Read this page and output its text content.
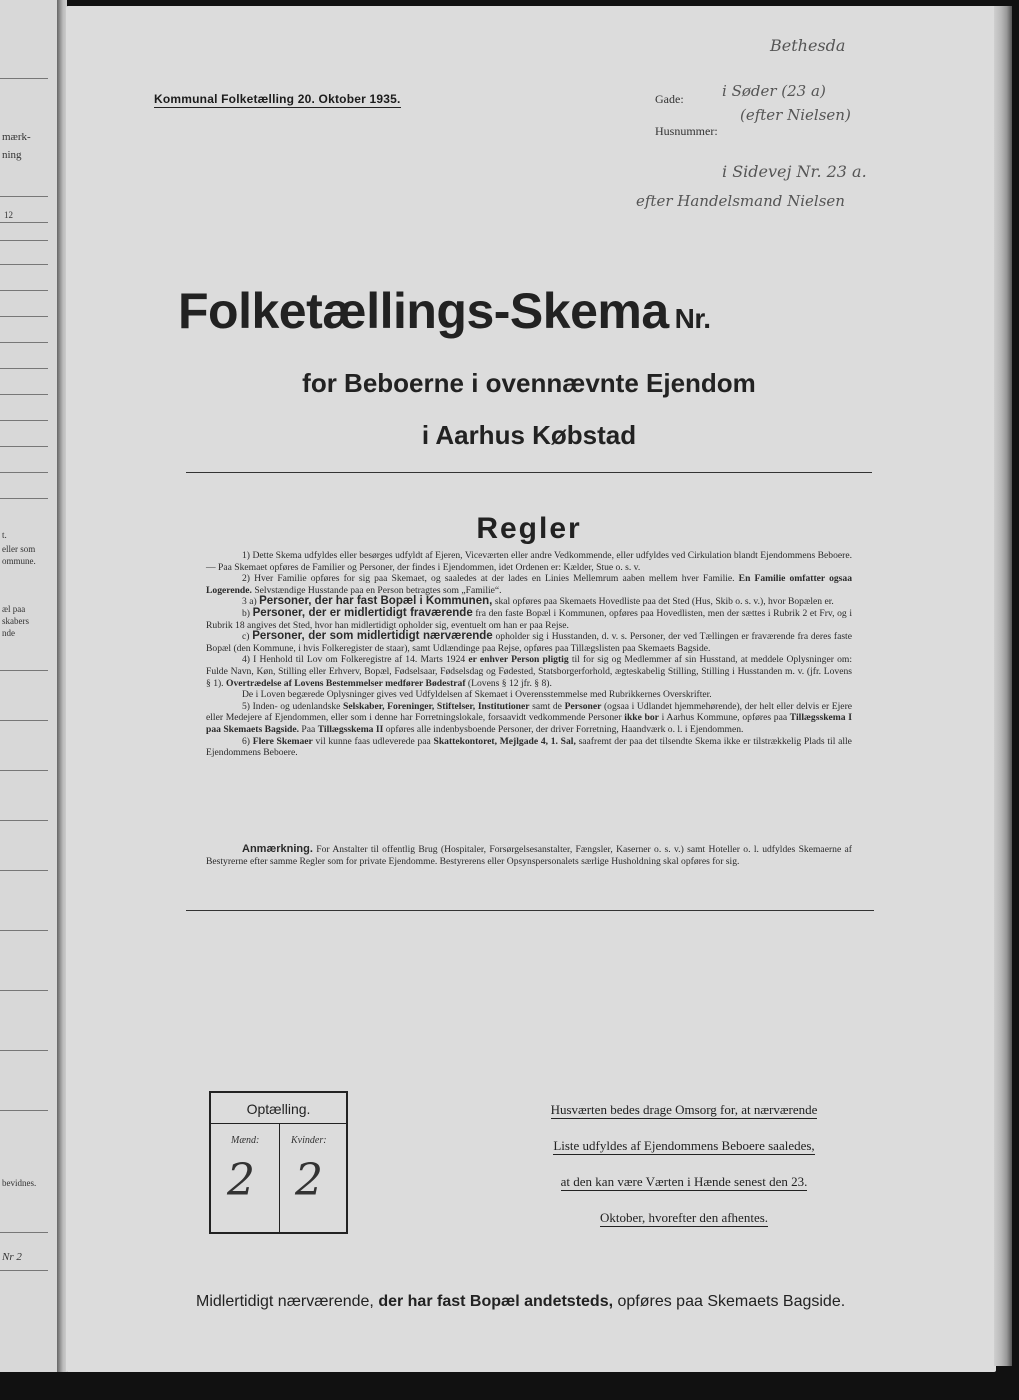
mærk-
ning
12
t.
eller som
ommune.
æl paa
skabers
nde
bevidnes.
Nr 2
Kommunal Folketælling 20. Oktober 1935.	Gade:
Husnummer:
Bethesda
i Søder (23 a)
(efter Nielsen)
i Sidevej Nr. 23 a.
efter Handelsmand Nielsen
Folketællings-Skema Nr.
for Beboerne i ovennævnte Ejendom
i Aarhus Købstad
Regler

1) Dette Skema udfyldes eller besørges udfyldt af Ejeren, Viceværten eller andre Vedkommende, eller udfyldes ved Cirkulation blandt Ejendommens Beboere. — Paa Skemaet opføres de Familier og Personer, der findes i Ejendommen, idet Ordenen er: Kælder, Stue o. s. v.

2) Hver Familie opføres for sig paa Skemaet, og saaledes at der lades en Linies Mellemrum aaben mellem hver Familie. En Familie omfatter ogsaa Logerende. Selvstændige Husstande paa en Person betragtes som „Familie“.

3 a) Personer, der har fast Bopæl i Kommunen, skal opføres paa Skemaets Hovedliste paa det Sted (Hus, Skib o. s. v.), hvor Bopælen er.

b) Personer, der er midlertidigt fraværende fra den faste Bopæl i Kommunen, opføres paa Hovedlisten, men der sættes i Rubrik 2 et Frv, og i Rubrik 18 angives det Sted, hvor han midlertidigt opholder sig, eventuelt om han er paa Rejse.

c) Personer, der som midlertidigt nærværende opholder sig i Husstanden, d. v. s. Personer, der ved Tællingen er fraværende fra deres faste Bopæl (den Kommune, i hvis Folkeregister de staar), samt Udlændinge paa Rejse, opføres paa Tillægslisten paa Skemaets Bagside.

4) I Henhold til Lov om Folkeregistre af 14. Marts 1924 er enhver Person pligtig til for sig og Medlemmer af sin Husstand, at meddele Oplysninger om: Fulde Navn, Køn, Stilling eller Erhverv, Bopæl, Fødselsaar, Fødselsdag og Fødested, Statsborgerforhold, ægteskabelig Stilling, Stilling i Husstanden m. v. (jfr. Lovens § 1). Overtrædelse af Lovens Bestemmelser medfører Bødestraf (Lovens § 12 jfr. § 8).

De i Loven begærede Oplysninger gives ved Udfyldelsen af Skemaet i Overensstemmelse med Rubrikkernes Overskrifter.

5) Inden- og udenlandske Selskaber, Foreninger, Stiftelser, Institutioner samt de Personer (ogsaa i Udlandet hjemmehørende), der helt eller delvis er Ejere eller Medejere af Ejendommen, eller som i denne har Forretningslokale, forsaavidt vedkommende Personer ikke bor i Aarhus Kommune, opføres paa Tillægsskema I paa Skemaets Bagside. Paa Tillægsskema II opføres alle indenbysboende Personer, der driver Forretning, Haandværk o. l. i Ejendommen.

6) Flere Skemaer vil kunne faas udleverede paa Skattekontoret, Mejlgade 4, 1. Sal, saafremt der paa det tilsendte Skema ikke er tilstrækkelig Plads til alle Ejendommens Beboere.

Anmærkning. For Anstalter til offentlig Brug (Hospitaler, Forsørgelsesanstalter, Fængsler, Kaserner o. s. v.) samt Hoteller o. l. udfyldes Skemaerne af Bestyrerne efter samme Regler som for private Ejendomme. Bestyrerens eller Opsynspersonalets særlige Husholdning skal opføres for sig.
Optælling.
Mænd:	Kvinder:
2 2
Husværten bedes drage Omsorg for, at nærværende
Liste udfyldes af Ejendommens Beboere saaledes,
at den kan være Værten i Hænde senest den 23.
Oktober, hvorefter den afhentes.
Midlertidigt nærværende, der har fast Bopæl andetsteds, opføres paa Skemaets Bagside.
